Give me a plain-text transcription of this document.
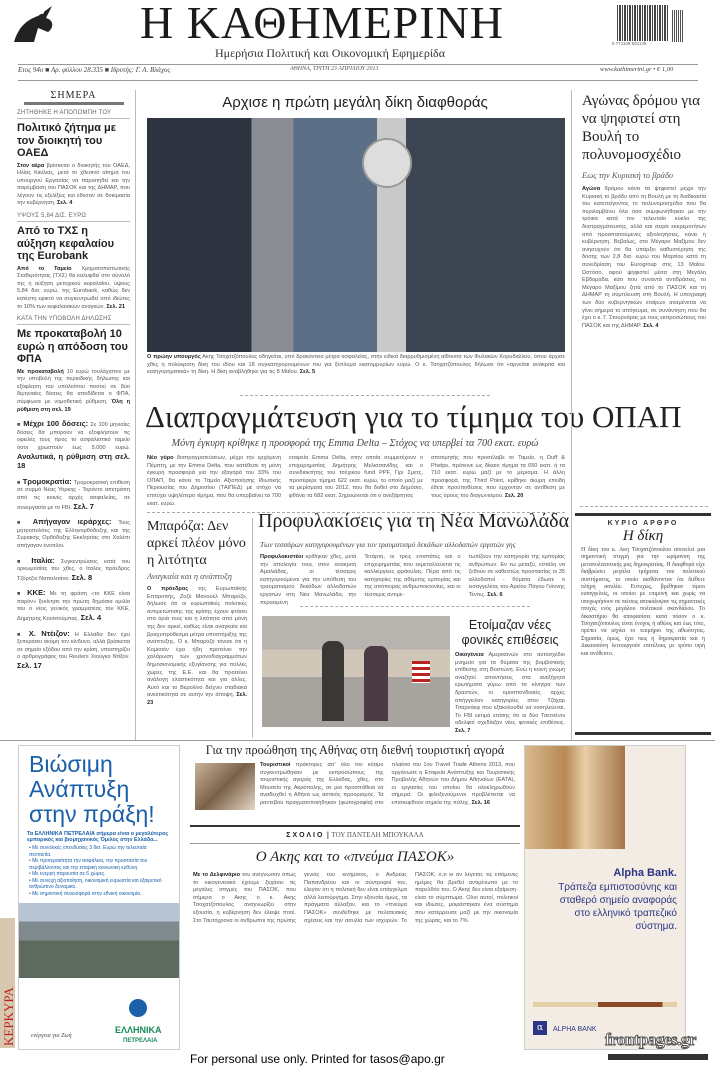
Η ΚΑΘΗΜΕΡΙΝΗ
Ημερήσια Πολιτική και Οικονομική Εφημερίδα
9 771108 581139
Ετος 94ο ■ Αρ. φύλλου 28.335 ■ Ιδρυτής: Γ. Α. Βλάχος	ΑΘΗΝΑ, ΤΡΙΤΗ 23 ΑΠΡΙΛΙΟΥ 2013	www.kathimerini.gr • € 1,00
ΣΗΜΕΡΑ
ΖΗΤΗΘΗΚΕ Η ΑΠΟΠΟΜΠΗ ΤΟΥ
Πολιτικό ζήτημα με τον διοικητή του ΟΑΕΔ
Στον αέρα βρίσκεται ο διοικητής του ΟΑΕΔ, Ηλίας Κικίλιας, μετά το χθεσινό αίτημα του υπουργού Εργασίας να παραιτηθεί και την παρέμβαση του ΠΑΣΟΚ και της ΔΗΜΑΡ, που λέγουν τις εξελίξεις και έθεσαν σε δοκιμασία την κυβέρνηση. Σελ. 4
ΥΨΟΥΣ 5,84 ΔΙΣ. ΕΥΡΩ
Από το ΤΧΣ η αύξηση κεφαλαίου της Eurobank
Από το Ταμείο Χρηματοπιστωτικής Σταθερότητας (ΤΧΣ) θα καλυφθεί στο σύνολό της η αύξηση μετοχικού κεφαλαίου, ύψους 5,84 δισ. ευρώ, της Eurobank, καθώς δεν κατέστη εφικτό να συγκεντρωθεί από ιδιώτες το 10% των κεφαλαιακών αναγκών. Σελ. 21
ΚΑΤΑ ΤΗΝ ΥΠΟΒΟΛΗ ΔΗΛΩΣΗΣ
Με προκαταβολή 10 ευρώ η απόδοση του ΦΠΑ
Με προκαταβολή 10 ευρώ τουλάχιστον με την υποβολή της περιοδικής δήλωσης και εξόφληση του υπολοίπου ποσού σε δύο διμηνιαίες δόσεις θα αποδίδεται ο ΦΠΑ, σύμφωνα με νομοθετική ρύθμιση. Όλη η ρύθμιση στη σελ. 19
■ Μέχρι 100 δόσεις: Σε 100 μηνιαίες δόσεις θα μπορούν να εξοφλήσουν τις οφειλές τους προς το ασφαλιστικό ταμείο όσοι χρωστούν έως 5.000 ευρώ. Αναλυτικά, η ρύθμιση στη σελ. 18
■ Τρομοκρατία: Τρομοκρατική επίθεση σε συρμό Νέας Υόρκης - Τορόντο απετράπη από τις κοινές αρχές ασφαλείας, σε συνεργασία με το FBI. Σελ. 7
■ Απήγαγαν ιεράρχες: Τους μητροπολίτες της Ελληνορθόδοξης και της Συριακής Ορθόδοξης Εκκλησίας στο Χαλέπι απήγαγαν ένοπλοι.
■ Ιταλία: Συγκεντρώσεις κατά του ορκωμοσίας του χθες, ο Ιταλός πρόεδρος Τζόρτζιο Ναπολιτάνο. Σελ. 8
■ ΚΚΕ: Με τη φράση «το ΚΚΕ είναι παρόν» ξεκίνησε την πρώτη δημόσια ομιλία του ο νέος γενικός γραμματέας του ΚΚΕ, Δημήτρης Κουτσούμπας. Σελ. 4
■ Χ. Ντέιζον: Η Ελλάδα δεν έχει ξεπεράσει ακόμη τον κίνδυνο, αλλά βρίσκεται σε σημείο εξόδου από την κρίση, υποστηρίζει ο αρθρογράφος του Reuters Χιούγκο Ντίξον. Σελ. 17
Αρχισε η πρώτη μεγάλη δίκη διαφθοράς
Ο πρώην υπουργός Ακης Τσοχατζόπουλος οδηγείται, υπό δρακόντεια μέτρα ασφαλείας, στην ειδικά διαρρυθμισμένη αίθουσα των Φυλακών Κορυδαλλού, όπου άρχισε χθες η πολύκροτη δίκη του ιδίου και 18 συγκατηγορουμένων του για ξέπλυμα εκατομμυρίων ευρώ. Ο κ. Τσοχατζόπουλος δήλωσε ότι «αρνείται ανάκριτα και κατηγορηματικά» τη δίκη. Η δίκη αναβλήθηκε για τις 8 Μαΐου. Σελ. 5
Διαπραγμάτευση για το τίμημα του ΟΠΑΠ
Μόνη έγκυρη κρίθηκε η προσφορά της Emma Delta – Στόχος να υπερβεί τα 700 εκατ. ευρώ
Νέο γύρο διαπραγματεύσεων, μέχρι την ερχόμενη Πέμπτη, με την Emma Delta, που κατέθεσε τη μόνη έγκυρη προσφορά για την εξαγορά του 33% του ΟΠΑΠ, θα κάνει το Ταμείο Αξιοποίησης Ιδιωτικής Περιουσίας του Δημοσίου (ΤΑΙΠΕΔ) με στόχο να επιτύχει υψηλότερο τίμημα, που θα υπερβαίνει τα 700 εκατ. ευρώ.
εταιρεία Emma Delta, στην οποία συμμετέχουν ο επιχειρηματίας Δημήτρης Μελισσανίδης και ο συνιδιοκτήτης του τσέχικου fund PPF, Γίρι Σμετς, προσέφερε τίμημα 622 εκατ. ευρώ, το οποίο μαζί με τα μερίσματα του 2012, που θα δοθεί στο Δημόσιο, φθάνει τα 682 εκατ. Σημειώνεται ότι ο ανεξάρτητος
αποτιμητής που προσέλαβε το Ταμείο, η Duff & Phelps, πρότεινε ως δίκαιο τίμημα τα 650 εκατ. ή τα 710 εκατ. ευρώ μαζί με το μέρισμα. Η άλλη προσφορά, της Third Point, κρίθηκε άκυρη επειδή έθετε προϋποθέσεις που έρχονταν σε αντίθεση με τους όρους του διαγωνισμού. Σελ. 20
Μπαρόζα: Δεν αρκεί πλέον μόνο η λιτότητα
Αναγκαία και η ανάπτυξη
Ο πρόεδρος της Ευρωπαϊκής Επιτροπής, Ζοζέ Μανουέλ Μπαρόζο, δήλωσε ότι οι ευρωπαϊκές πολιτικές αντιμετώπισης της κρίσης έχουν φτάσει στα όριά τους και η λιτότητα από μόνη της δεν αρκεί, καθώς είναι αναγκαία και βραχυπρόθεσμα μέτρα υποστήριξης της ανάπτυξης. Ο κ. Μπαρόζο τόνισε ότι η Κομισιόν έχει ήδη προτείνει την χαλάρωση των χρονοδιαγραμμάτων δημοσιονομικής εξυγίανσης για πολλές χώρες της Ε.Ε. και θα προτείνει ανάλογη ελαστικότητα και για άλλες. Αυτό και το Βερολίνο δείχνει σταδιακά ανεκτικότητα σε αυτήν την άποψη. Σελ. 23
Προφυλακίσεις για τη Νέα Μανωλάδα
Των τεσσάρων κατηγορουμένων για τον τραυματισμό δεκάδων αλλοδαπών εργατών γης
Προφυλακιστέοι κρίθηκαν χθες, μετά την απολογία τους στον ανακριτή Αμαλιάδας, οι τέσσερις κατηγορούμενοι για την υπόθεση του τραυματισμού δεκάδων αλλοδαπών εργατών στη Νέα Μανωλάδα, την περασμένη
Τετάρτη, οι τρεις επιστάτες και ο επιχειρηματίας που εκμεταλλεύεται τις καλλιέργειες φράουλας. Πέρα από τις κατηγορίες της αθέμιτης εμπορίας και της απόπειρας ανθρωποκτονίας, και οι τέσσερις αντιμε-
τωπίζουν την κατηγορία της εμπορίας ανθρώπων. Εν τω μεταξύ, εστάλη να ζεθούν σε καθεστώς προστασίας οι 35 αλλοδαποί - θύματα έδωσε ο εισαγγελέας του Αρείου Πάγου Γιάννης Τέντες. Σελ. 6
Ετοίμαζαν νέες φονικές επιθέσεις
Οικογένεια Αμερικανών στο αυτοσχέδιο μνημείο για τα θύματα της βομβιστικής επίθεσης στη Βοστώνη. Ενώ η κοινή γνώμη αναζητεί απαντήσεις στα ανεξήγητα ερωτήματα γύρω από τα κίνητρα των δραστών, οι ομοσπονδιακές αρχές απήγγειλαν κατηγορίες στον Τζόχαρ Τσαρνάεφ που εξακολουθεί να νοσηλεύεται. Το FBI εκτιμά επίσης ότι οι δύο Τσετσένοι αδελφοί σχεδίαζαν νέες φονικές επιθέσεις. Σελ. 7
Αγώνας δρόμου για να ψηφιστεί στη Βουλή το πολυνομοσχέδιο
Εως την Κυριακή το βράδυ
Αγώνα δρόμου κάνει τα ψηφιστεί μέχρι την Κυριακή το βράδυ από τη Βουλή με τη διαδικασία του κατεπείγοντος το πολυνομοσχέδιο που θα περιλαμβάνει όλα όσα συμφωνήθηκαν με την τρόικα κατά τον τελευταίο κύκλο της διαπραγμάτευσης, αλλά και σειρά εκκρεμοτήτων από προαπαιτούμενες αξιολογήσεις, κάνει η κυβέρνηση. Βεβαίως, στο Μέγαρο Μαξίμου δεν ανησυχούν ότι θα υπάρξει καθυστέρηση της δόσης των 2,8 δισ. ευρώ του Μαρτίου κατά τη συνεδρίαση του Eurogroup στις 13 Μαΐου. Ωστόσο, αφού ψηφιστεί μέσα στη Μεγάλη Εβδομάδα, κάτι που συναντά αντιδράσεις, το Μέγαρο Μαξίμου ζητά από το ΠΑΣΟΚ και τη ΔΗΜΑΡ τη σύμπλευση στη Βουλή. Η υπογραφή των δύο κυβερνητικών εταίρων αναμένεται να γίνει σήμερα το απόγευμα, σε συνάντηση που θα έχει ο κ. Γ. Στουρνάρας με τους εκπροσώπους του ΠΑΣΟΚ και της ΔΗΜΑΡ. Σελ. 4
ΚΥΡΙΟ ΑΡΘΡΟ
Η δίκη
Η δίκη του κ. Ακη Τσοχατζόπουλου αποτελεί μια σημαντική στιγμή για την ωρίμανση της μεταπολιτευτικής μας δημοκρατίας. Η διαφθορά είχε διαβρώσει μεγάλα τμήματα του πολιτικού συστήματος, το οποίο αισθάνονταν ότι διέθετε πλήρη ασυλία. Ευτυχώς, βρέθηκαν τίμιοι εισαγγελείς, οι οποίοι με επιμονή και χωρίς να υποχωρήσουν σε πιέσεις αποκάλυψαν τις σημαντικές πτυχές ενός μεγάλου πολιτικού σκανδάλου. Το δικαστήριο θα αποφασίσει κατά πόσον ο κ. Τσοχατζόπουλος είναι ένοχος ή αθώος και έως τότε, πρέπει να ισχύει το τεκμήριο της αθωότητος. Σημασία, όμως, έχει πως η δημοκρατία και η Δικαιοσύνη λειτουργούν επιτέλους με τρόπο υγιή και ανόθευτο.
ΚΕΡΚΥΡΑ
Βιώσιμη Ανάπτυξη στην πράξη!
Τα ΕΛΛΗΝΙΚΑ ΠΕΤΡΕΛΑΙΑ σήμερα είναι ο μεγαλύτερος εμπορικός και βιομηχανικός Όμιλος στην Ελλάδα...
• Με συνολικές επενδύσεις 3 δισ. Ευρώ την τελευταία πενταετία.
• Με προτεραιότητα την ασφάλεια, την προστασία του περιβάλλοντος και την εταιρική κοινωνική ευθύνη.
• Με ενεργή παρουσία σε 6 χώρες.
• Με συνεχή αξιοποίηση, οικονομική ευρωστία και εξαιρετικό ανθρώπινο δυναμικό.
• Με σημαντική συνεισφορά στην εθνική οικονομία.
ενέργεια για Ζωή
ΕΛΛΗΝΙΚΑ
ΠΕΤΡΕΛΑΙΑ
Για την προώθηση της Αθήνας στη διεθνή τουριστική αγορά
Τουριστικοί πράκτορες απ' όλο τον κόσμο συγκεντρώθηκαν με εκπροσώπους της τουριστικής αγοράς της Ελλάδας, χθες, στο Μουσείο της Ακρόπολης, σε μια προσπάθεια να αναδειχθεί η Αθήνα ως αστικός προορισμός. Τα ραντεβού πραγματοποιήθηκαν (φωτογραφία) στο πλαίσιο του 1ου Travel Trade Athens 2013, που οργάνωσε η Εταιρεία Ανάπτυξης και Τουριστικής Προβολής Αθηνών του Δήμου Αθηναίων (ΕΑΤΑ), οι εργασίες του οποίου θα ολοκληρωθούν σήμερα. Οι φιλοξενούμενοι προβλέπεται να επισκεφθούν σημεία της πόλης. Σελ. 16
ΣΧΟΛΙΟ | ΤΟΥ ΠΑΝΤΕΛΗ ΜΠΟΥΚΑΛΑ
Ο Ακης και το «πνεύμα ΠΑΣΟΚ»
Με το Δελφινάριο του ανέγνωσαν όπως το οικογενειακό έχουμε ξεχάσει τις μεγάλες στιγμές του ΠΑΣΟΚ, που σήμερα ο Ακης ο κ. Ακης Τσοχατζόπουλος αναγνωρίζει στην εξουσία, η κυβέρνηση δεν έλειψε ποτέ. Στο Ταυτόχρονα οι άνθρωποι της πρώτης γενιάς του κινήματος, ο Ανδρέας Παπανδρέου και οι σύντροφοί του, έλεγαν ότι η πολιτική δεν είναι επάγγελμα αλλά λειτούργημα. Στην εξουσία όμως, τα πράγματα άλλαξαν, και το «πνεύμα ΠΑΣΟΚ» συνδέθηκε με πελατειακές σχέσεις και την ασυλία των ισχυρών. Το ΠΑΣΟΚ, ό,τι κι αν λέγεται, τις επόμενες ημέρες θα βρεθεί αντιμέτωπο με το παρελθόν του. Ο Ακης δεν είναι εξαίρεση· είναι το σύμπτωμα. Ολοι αυτοί, πολιτικοί και ιδιώτες, μοιράστηκαν ένα σύστημα που κατέρρευσε μαζί με την οικονομία της χώρας, και το 7%.
Alpha Bank.
Τράπεζα εμπιστοσύνης και σταθερό σημείο αναφοράς στο ελληνικό τραπεζικό σύστημα.
α	ALPHA BANK
For personal use only. Printed for tasos@apo.gr
frontpages.gr
